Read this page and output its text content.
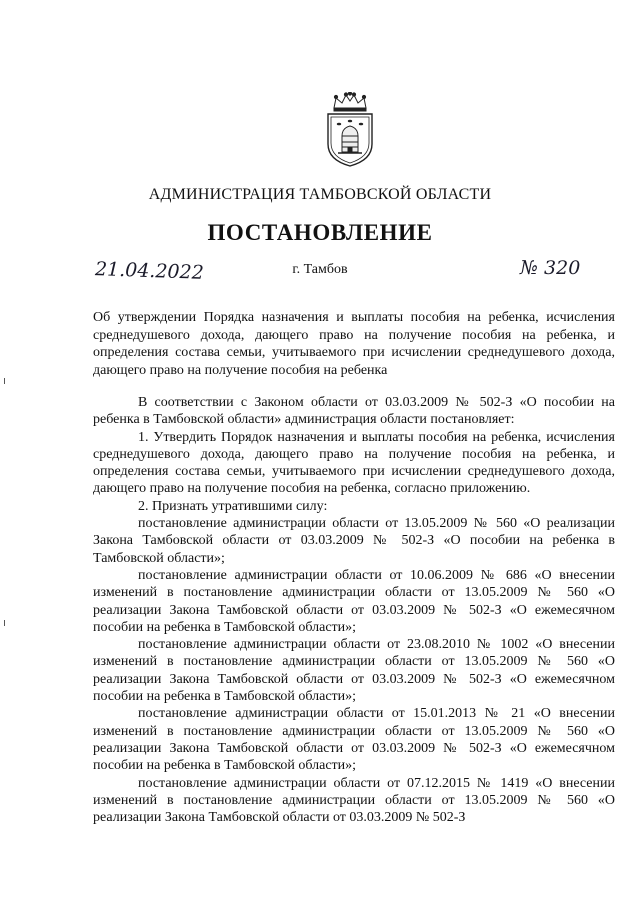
АДМИНИСТРАЦИЯ ТАМБОВСКОЙ ОБЛАСТИ
ПОСТАНОВЛЕНИЕ
21.04.2022	г. Тамбов	№ 320
Об утверждении Порядка назначения и выплаты пособия на ребенка, исчисления среднедушевого дохода, дающего право на получение пособия на ребенка, и определения состава семьи, учитываемого при исчислении среднедушевого дохода, дающего право на получение пособия на ребенка

В соответствии с Законом области от 03.03.2009 № 502-З «О пособии на ребенка в Тамбовской области» администрация области постановляет:

1. Утвердить Порядок назначения и выплаты пособия на ребенка, исчисления среднедушевого дохода, дающего право на получение пособия на ребенка, и определения состава семьи, учитываемого при исчислении среднедушевого дохода, дающего право на получение пособия на ребенка, согласно приложению.

2. Признать утратившими силу:

постановление администрации области от 13.05.2009 № 560 «О реализации Закона Тамбовской области от 03.03.2009 № 502-З «О пособии на ребенка в Тамбовской области»;

постановление администрации области от 10.06.2009 № 686 «О внесении изменений в постановление администрации области от 13.05.2009 № 560 «О реализации Закона Тамбовской области от 03.03.2009 № 502-З «О ежемесячном пособии на ребенка в Тамбовской области»;

постановление администрации области от 23.08.2010 № 1002 «О внесении изменений в постановление администрации области от 13.05.2009 № 560 «О реализации Закона Тамбовской области от 03.03.2009 № 502-З «О ежемесячном пособии на ребенка в Тамбовской области»;

постановление администрации области от 15.01.2013 № 21 «О внесении изменений в постановление администрации области от 13.05.2009 № 560 «О реализации Закона Тамбовской области от 03.03.2009 № 502-З «О ежемесячном пособии на ребенка в Тамбовской области»;

постановление администрации области от 07.12.2015 № 1419 «О внесении изменений в постановление администрации области от 13.05.2009 № 560 «О реализации Закона Тамбовской области от 03.03.2009 № 502-З
